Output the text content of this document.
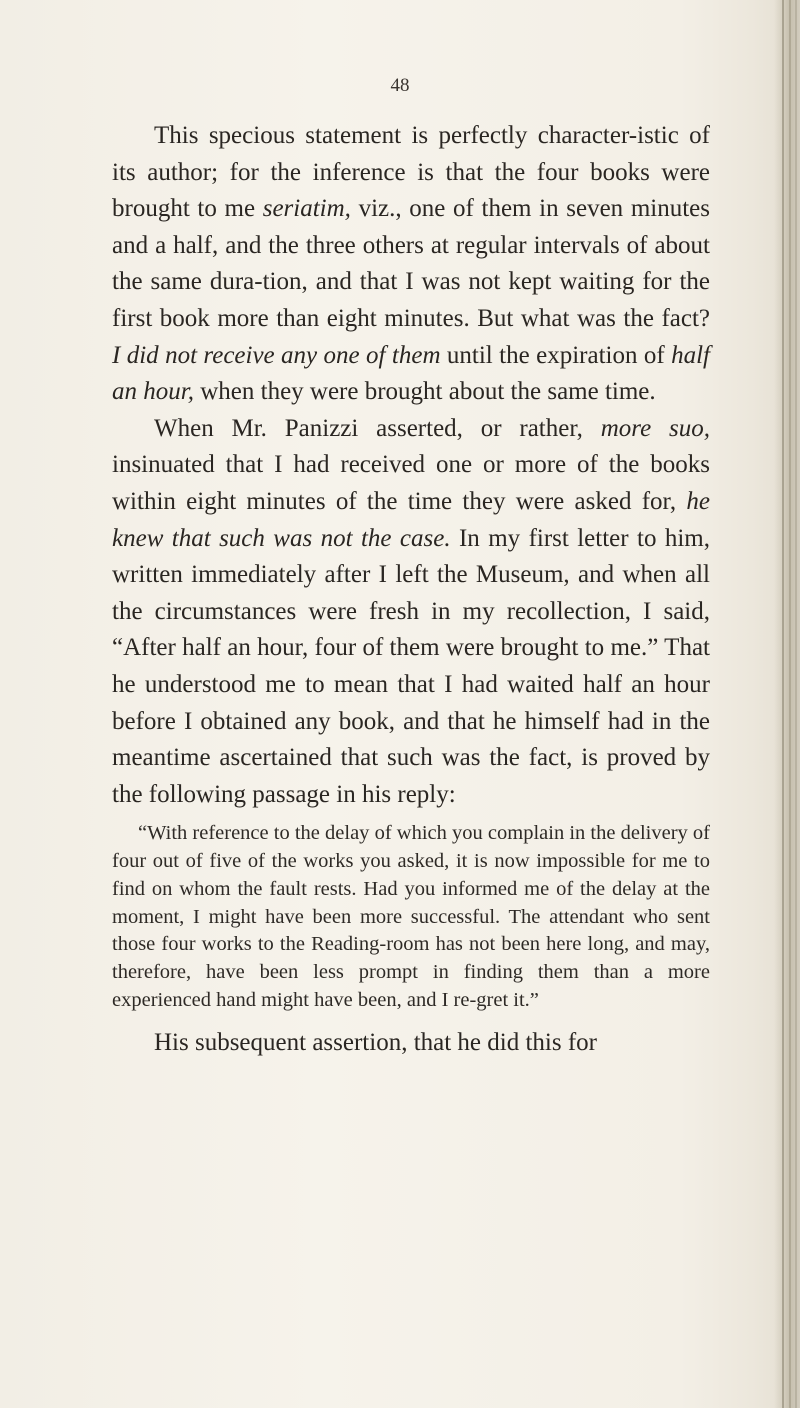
48

This specious statement is perfectly character-istic of its author; for the inference is that the four books were brought to me seriatim, viz., one of them in seven minutes and a half, and the three others at regular intervals of about the same dura-tion, and that I was not kept waiting for the first book more than eight minutes. But what was the fact? I did not receive any one of them until the expiration of half an hour, when they were brought about the same time.

When Mr. Panizzi asserted, or rather, more suo, insinuated that I had received one or more of the books within eight minutes of the time they were asked for, he knew that such was not the case. In my first letter to him, written immediately after I left the Museum, and when all the circumstances were fresh in my recollection, I said, “After half an hour, four of them were brought to me.” That he understood me to mean that I had waited half an hour before I obtained any book, and that he himself had in the meantime ascertained that such was the fact, is proved by the following passage in his reply:

“With reference to the delay of which you complain in the delivery of four out of five of the works you asked, it is now impossible for me to find on whom the fault rests. Had you informed me of the delay at the moment, I might have been more successful. The attendant who sent those four works to the Reading-room has not been here long, and may, therefore, have been less prompt in finding them than a more experienced hand might have been, and I re-gret it.”

His subsequent assertion, that he did this for
